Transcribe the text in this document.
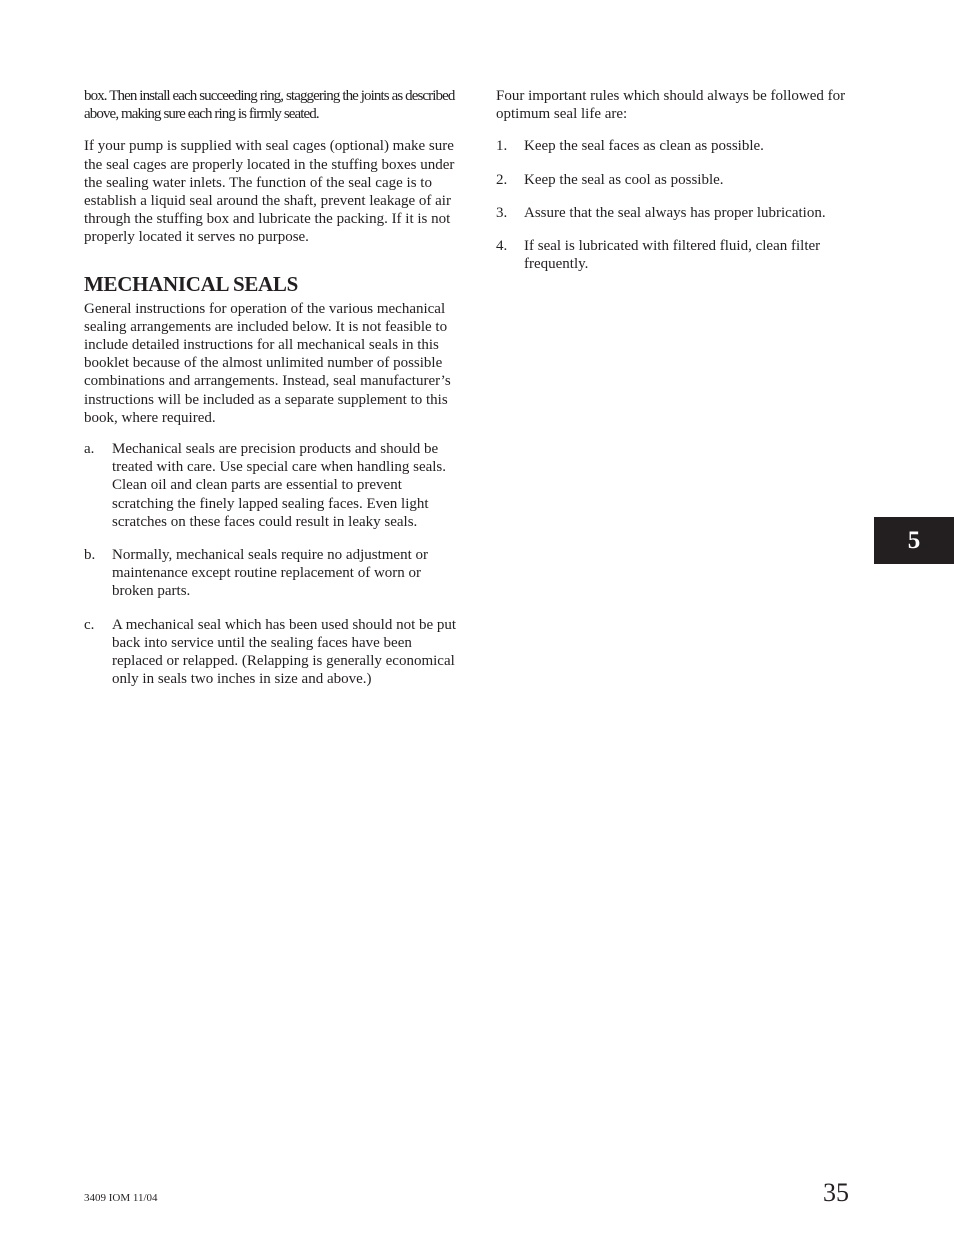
box. Then install each succeeding ring, staggering the joints as described above, making sure each ring is firmly seated.

If your pump is supplied with seal cages (optional) make sure the seal cages are properly located in the stuffing boxes under the sealing water inlets. The function of the seal cage is to establish a liquid seal around the shaft, prevent leakage of air through the stuffing box and lubricate the packing. If it is not properly located it serves no purpose.

MECHANICAL SEALS

General instructions for operation of the various mechanical sealing arrangements are included below. It is not feasible to include detailed instructions for all mechanical seals in this booklet because of the almost unlimited number of possible combinations and arrangements. Instead, seal manufacturer’s instructions will be included as a separate supplement to this book, where required.

a.	Mechanical seals are precision products and should be treated with care. Use special care when handling seals. Clean oil and clean parts are essential to prevent scratching the finely lapped sealing faces. Even light scratches on these faces could result in leaky seals.
b.	Normally, mechanical seals require no adjustment or maintenance except routine replacement of worn or broken parts.
c.	A mechanical seal which has been used should not be put back into service until the sealing faces have been replaced or relapped. (Relapping is generally economical only in seals two inches in size and above.)

Four important rules which should always be followed for optimum seal life are:

1.	Keep the seal faces as clean as possible.
2.	Keep the seal as cool as possible.
3.	Assure that the seal always has proper lubrication.
4.	If seal is lubricated with filtered fluid, clean filter frequently.
5
3409 IOM 11/04	35
